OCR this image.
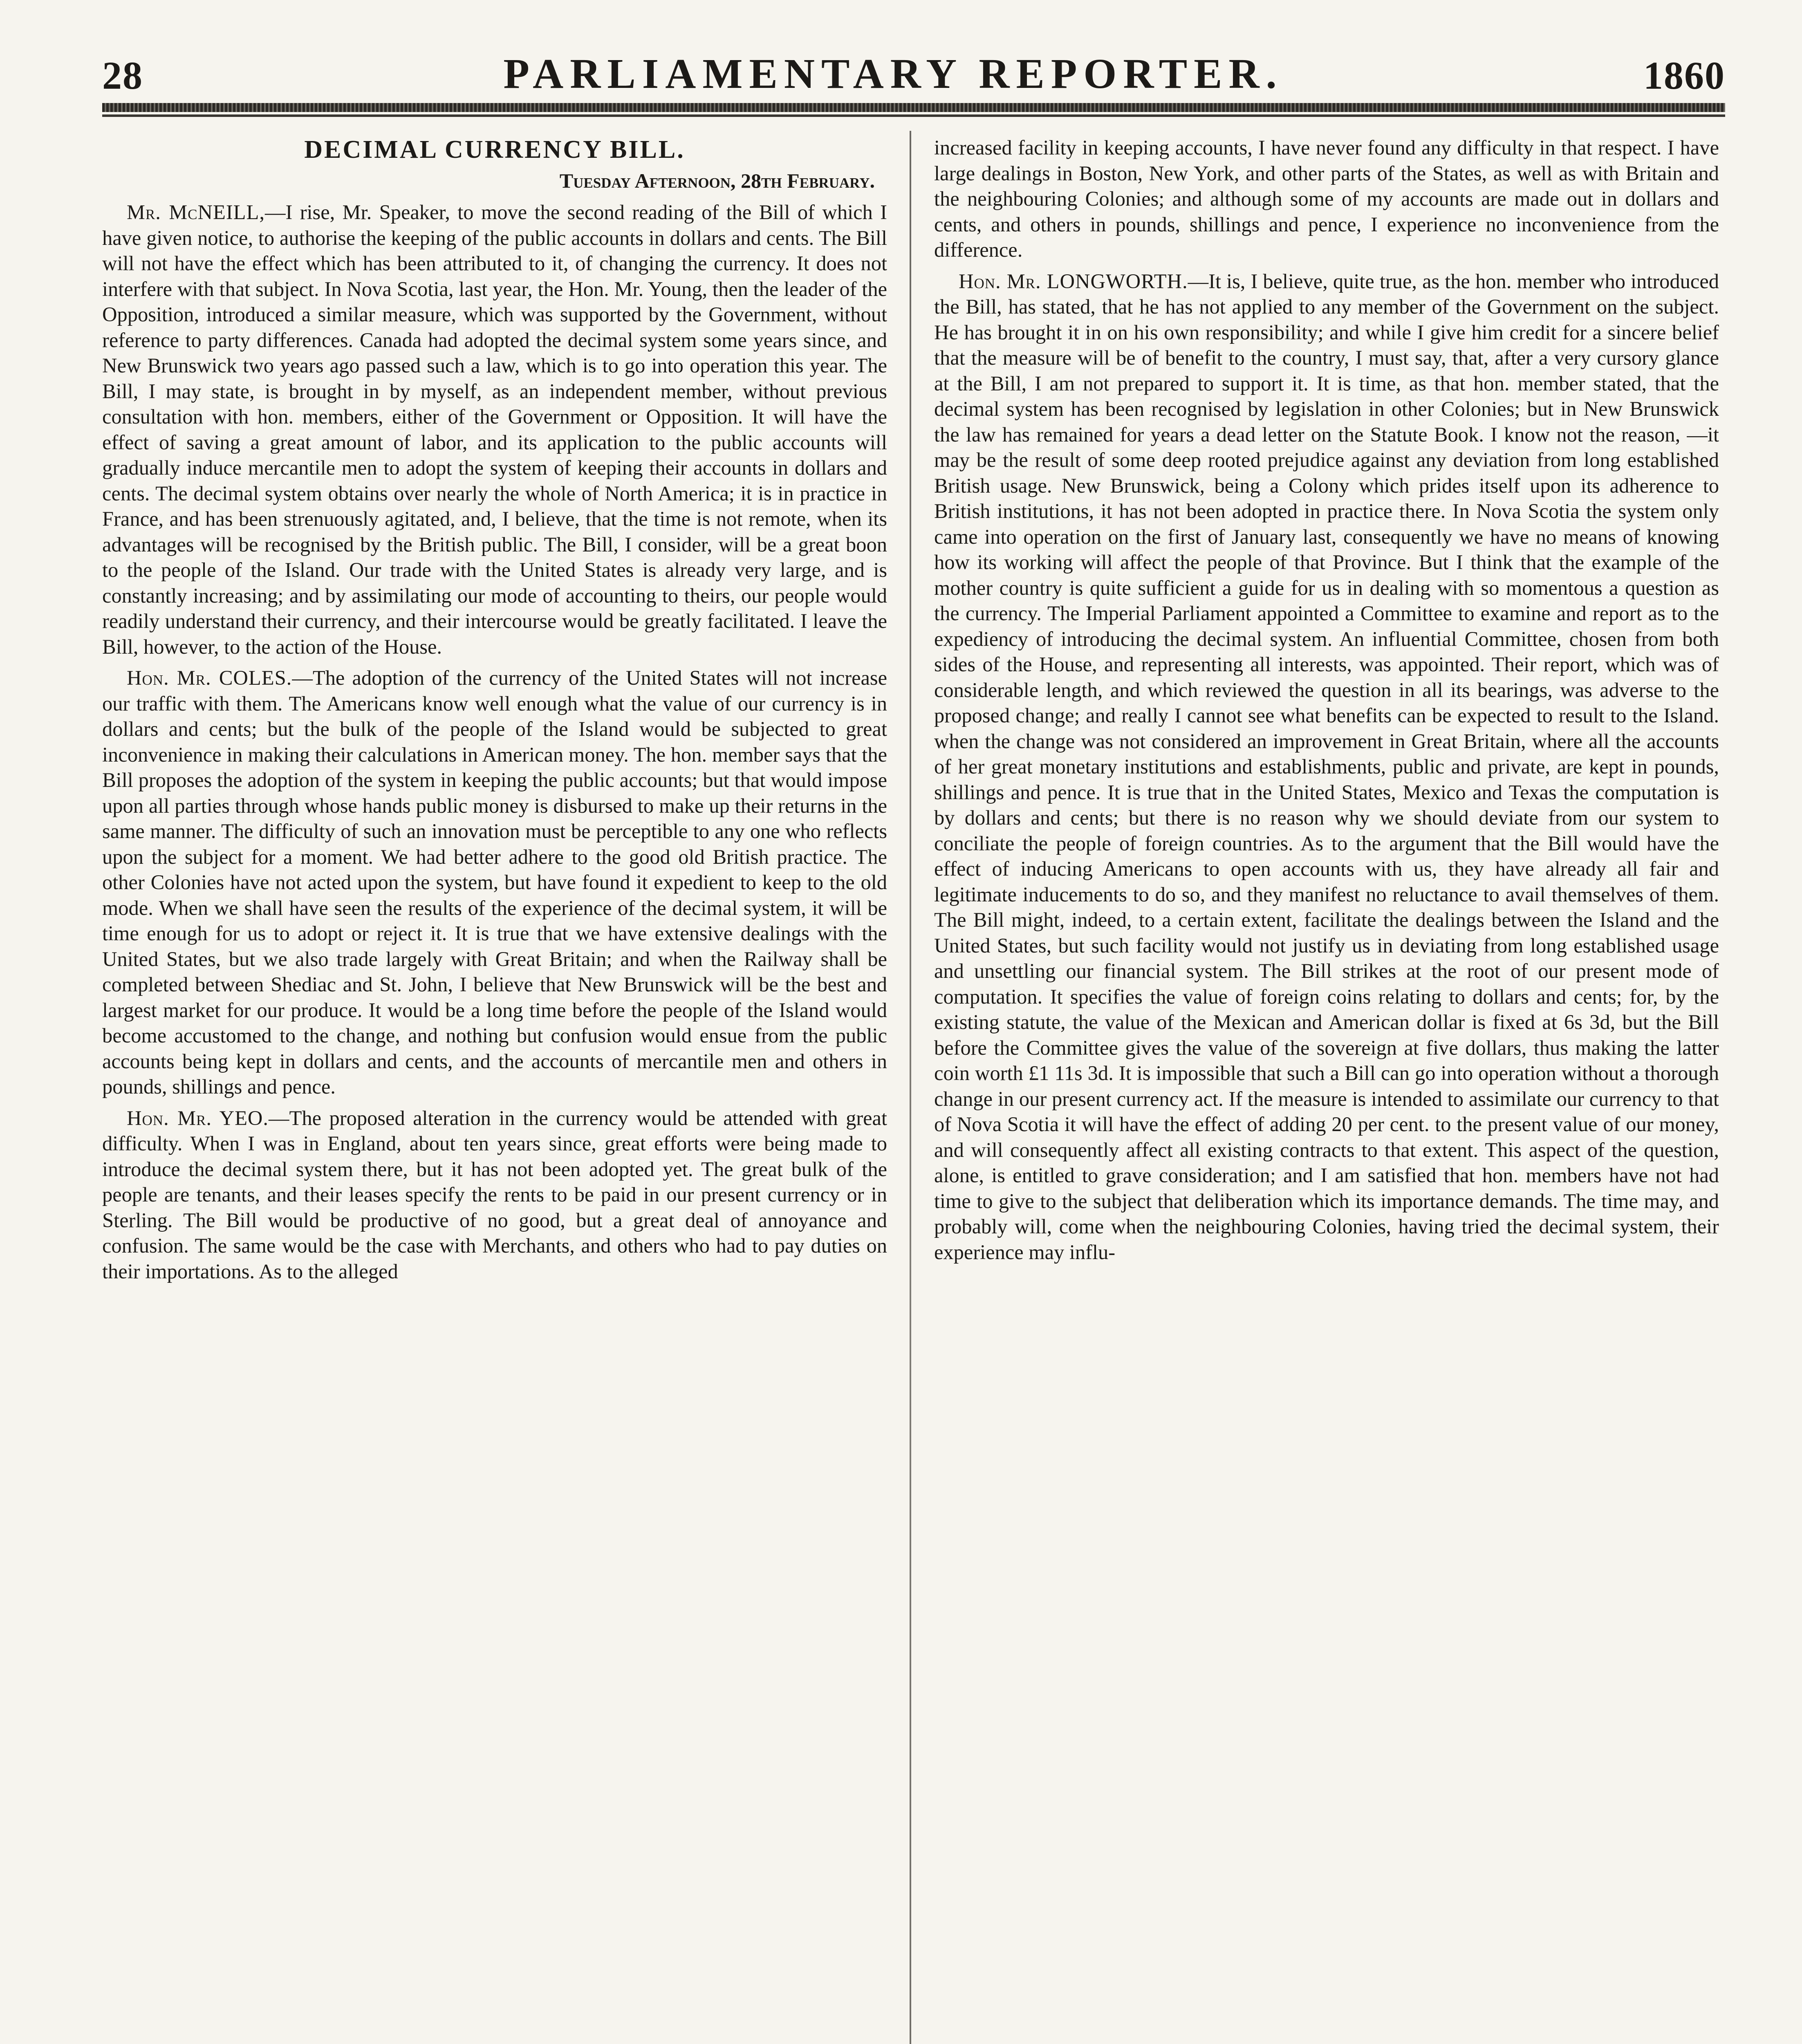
28	PARLIAMENTARY REPORTER.	1860
DECIMAL CURRENCY BILL.
Tuesday Afternoon, 28th February.

Mr. McNEILL,—I rise, Mr. Speaker, to move the second reading of the Bill of which I have given notice, to authorise the keeping of the public accounts in dollars and cents. The Bill will not have the effect which has been attributed to it, of changing the currency. It does not interfere with that subject. In Nova Scotia, last year, the Hon. Mr. Young, then the leader of the Opposition, introduced a similar measure, which was supported by the Government, without reference to party differences. Canada had adopted the decimal system some years since, and New Brunswick two years ago passed such a law, which is to go into operation this year. The Bill, I may state, is brought in by myself, as an independent member, without previous consultation with hon. members, either of the Government or Opposition. It will have the effect of saving a great amount of labor, and its application to the public accounts will gradually induce mercantile men to adopt the system of keeping their accounts in dollars and cents. The decimal system obtains over nearly the whole of North America; it is in practice in France, and has been strenuously agitated, and, I believe, that the time is not remote, when its advantages will be recognised by the British public. The Bill, I consider, will be a great boon to the people of the Island. Our trade with the United States is already very large, and is constantly increasing; and by assimilating our mode of accounting to theirs, our people would readily understand their currency, and their intercourse would be greatly facilitated. I leave the Bill, however, to the action of the House.

Hon. Mr. COLES.—The adoption of the currency of the United States will not increase our traffic with them. The Americans know well enough what the value of our currency is in dollars and cents; but the bulk of the people of the Island would be subjected to great inconvenience in making their calculations in American money. The hon. member says that the Bill proposes the adoption of the system in keeping the public accounts; but that would impose upon all parties through whose hands public money is disbursed to make up their returns in the same manner. The difficulty of such an innovation must be perceptible to any one who reflects upon the subject for a moment. We had better adhere to the good old British practice. The other Colonies have not acted upon the system, but have found it expedient to keep to the old mode. When we shall have seen the results of the experience of the decimal system, it will be time enough for us to adopt or reject it. It is true that we have extensive dealings with the United States, but we also trade largely with Great Britain; and when the Railway shall be completed between Shediac and St. John, I believe that New Brunswick will be the best and largest market for our produce. It would be a long time before the people of the Island would become accustomed to the change, and nothing but confusion would ensue from the public accounts being kept in dollars and cents, and the accounts of mercantile men and others in pounds, shillings and pence.

Hon. Mr. YEO.—The proposed alteration in the currency would be attended with great difficulty. When I was in England, about ten years since, great efforts were being made to introduce the decimal system there, but it has not been adopted yet. The great bulk of the people are tenants, and their leases specify the rents to be paid in our present currency or in Sterling. The Bill would be productive of no good, but a great deal of annoyance and confusion. The same would be the case with Merchants, and others who had to pay duties on their importations. As to the alleged

increased facility in keeping accounts, I have never found any difficulty in that respect. I have large dealings in Boston, New York, and other parts of the States, as well as with Britain and the neighbouring Colonies; and although some of my accounts are made out in dollars and cents, and others in pounds, shillings and pence, I experience no inconvenience from the difference.

Hon. Mr. LONGWORTH.—It is, I believe, quite true, as the hon. member who introduced the Bill, has stated, that he has not applied to any member of the Government on the subject. He has brought it in on his own responsibility; and while I give him credit for a sincere belief that the measure will be of benefit to the country, I must say, that, after a very cursory glance at the Bill, I am not prepared to support it. It is time, as that hon. member stated, that the decimal system has been recognised by legislation in other Colonies; but in New Brunswick the law has remained for years a dead letter on the Statute Book. I know not the reason, —it may be the result of some deep rooted prejudice against any deviation from long established British usage. New Brunswick, being a Colony which prides itself upon its adherence to British institutions, it has not been adopted in practice there. In Nova Scotia the system only came into operation on the first of January last, consequently we have no means of knowing how its working will affect the people of that Province. But I think that the example of the mother country is quite sufficient a guide for us in dealing with so momentous a question as the currency. The Imperial Parliament appointed a Committee to examine and report as to the expediency of introducing the decimal system. An influential Committee, chosen from both sides of the House, and representing all interests, was appointed. Their report, which was of considerable length, and which reviewed the question in all its bearings, was adverse to the proposed change; and really I cannot see what benefits can be expected to result to the Island. when the change was not considered an improvement in Great Britain, where all the accounts of her great monetary institutions and establishments, public and private, are kept in pounds, shillings and pence. It is true that in the United States, Mexico and Texas the computation is by dollars and cents; but there is no reason why we should deviate from our system to conciliate the people of foreign countries. As to the argument that the Bill would have the effect of inducing Americans to open accounts with us, they have already all fair and legitimate inducements to do so, and they manifest no reluctance to avail themselves of them. The Bill might, indeed, to a certain extent, facilitate the dealings between the Island and the United States, but such facility would not justify us in deviating from long established usage and unsettling our financial system. The Bill strikes at the root of our present mode of computation. It specifies the value of foreign coins relating to dollars and cents; for, by the existing statute, the value of the Mexican and American dollar is fixed at 6s 3d, but the Bill before the Committee gives the value of the sovereign at five dollars, thus making the latter coin worth £1 11s 3d. It is impossible that such a Bill can go into operation without a thorough change in our present currency act. If the measure is intended to assimilate our currency to that of Nova Scotia it will have the effect of adding 20 per cent. to the present value of our money, and will consequently affect all existing contracts to that extent. This aspect of the question, alone, is entitled to grave consideration; and I am satisfied that hon. members have not had time to give to the subject that deliberation which its importance demands. The time may, and probably will, come when the neighbouring Colonies, having tried the decimal system, their experience may influ-
